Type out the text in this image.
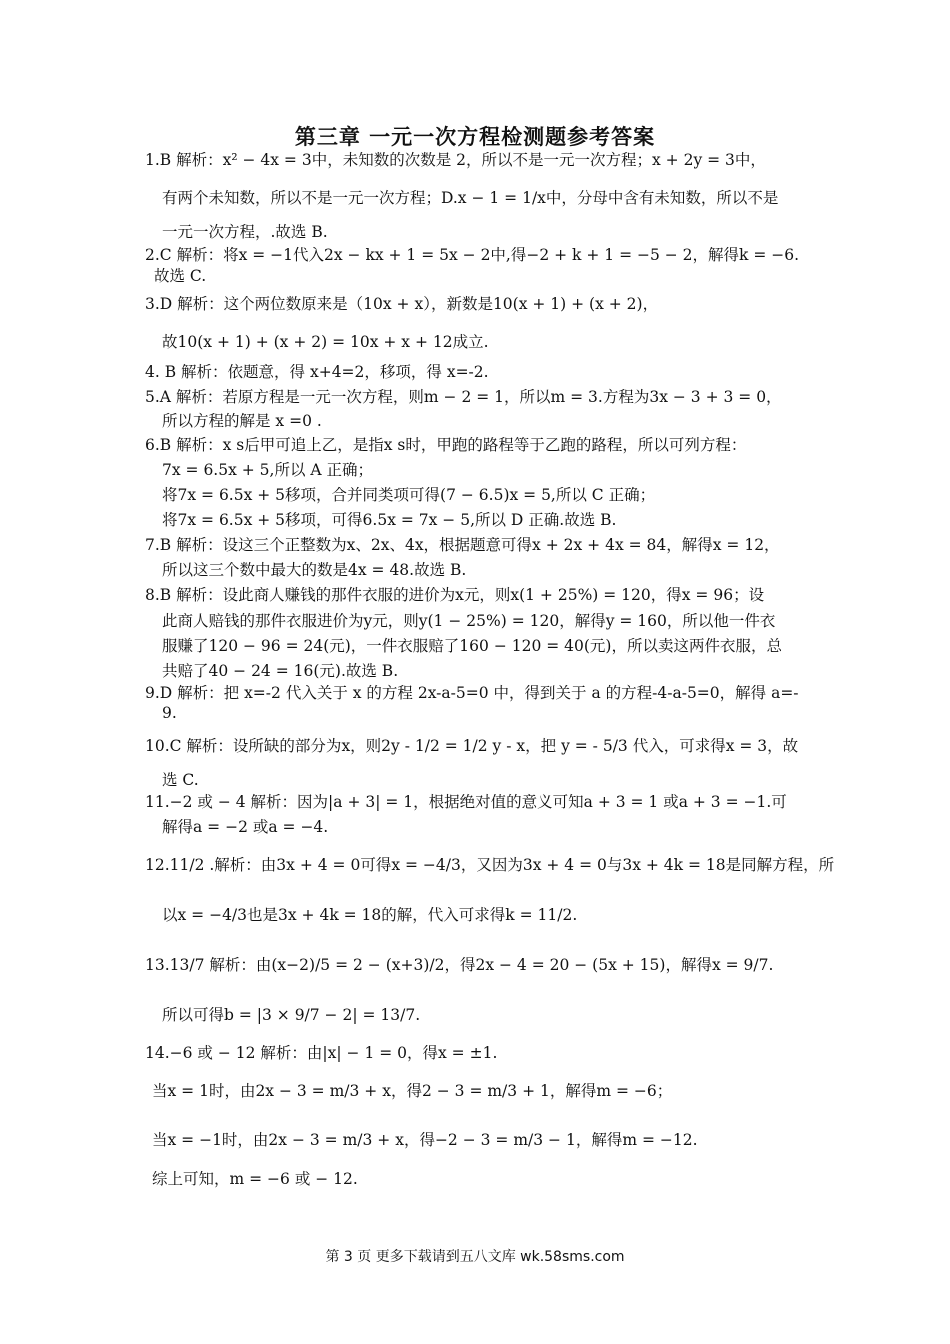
第三章 一元一次方程检测题参考答案
1.B 解析：x² − 4x = 3中，未知数的次数是 2，所以不是一元一次方程；x + 2y = 3中，
有两个未知数，所以不是一元一次方程；D.x − 1 = 1/x中，分母中含有未知数，所以不是
一元一次方程，.故选 B.
2.C 解析：将x = −1代入2x − kx + 1 = 5x − 2中,得−2 + k + 1 = −5 − 2，解得k = −6.
故选 C.
3.D 解析：这个两位数原来是（10x + x），新数是10(x + 1) + (x + 2)，
故10(x + 1) + (x + 2) = 10x + x + 12成立.
4. B 解析：依题意，得 x+4=2，移项，得 x=-2.
5.A 解析：若原方程是一元一次方程，则m − 2 = 1，所以m = 3.方程为3x − 3 + 3 = 0，
所以方程的解是 x =0 .
6.B 解析：x s后甲可追上乙，是指x s时，甲跑的路程等于乙跑的路程，所以可列方程：
7x = 6.5x + 5,所以 A 正确；
将7x = 6.5x + 5移项，合并同类项可得(7 − 6.5)x = 5,所以 C 正确；
将7x = 6.5x + 5移项，可得6.5x = 7x − 5,所以 D 正确.故选 B.
7.B 解析：设这三个正整数为x、2x、4x，根据题意可得x + 2x + 4x = 84，解得x = 12，
所以这三个数中最大的数是4x = 48.故选 B.
8.B 解析：设此商人赚钱的那件衣服的进价为x元，则x(1 + 25%) = 120，得x = 96；设
此商人赔钱的那件衣服进价为y元，则y(1 − 25%) = 120，解得y = 160，所以他一件衣
服赚了120 − 96 = 24(元)，一件衣服赔了160 − 120 = 40(元)，所以卖这两件衣服，总
共赔了40 − 24 = 16(元).故选 B.
9.D 解析：把 x=-2 代入关于 x 的方程 2x-a-5=0 中，得到关于 a 的方程-4-a-5=0，解得 a=-
9.
10.C 解析：设所缺的部分为x，则2y - 1/2 = 1/2 y - x，把 y = - 5/3 代入，可求得x = 3，故
选 C.
11.−2 或 − 4 解析：因为|a + 3| = 1，根据绝对值的意义可知a + 3 = 1 或a + 3 = −1.可
解得a = −2 或a = −4.
12.11/2 .解析：由3x + 4 = 0可得x = −4/3，又因为3x + 4 = 0与3x + 4k = 18是同解方程，所
以x = −4/3也是3x + 4k = 18的解，代入可求得k = 11/2.
13.13/7 解析：由(x−2)/5 = 2 − (x+3)/2，得2x − 4 = 20 − (5x + 15)，解得x = 9/7.
所以可得b = |3 × 9/7 − 2| = 13/7.
14.−6 或 − 12 解析：由|x| − 1 = 0，得x = ±1.
当x = 1时，由2x − 3 = m/3 + x，得2 − 3 = m/3 + 1，解得m = −6；
当x = −1时，由2x − 3 = m/3 + x，得−2 − 3 = m/3 − 1，解得m = −12.
综上可知，m = −6 或 − 12.
第 3 页 更多下载请到五八文库 wk.58sms.com
